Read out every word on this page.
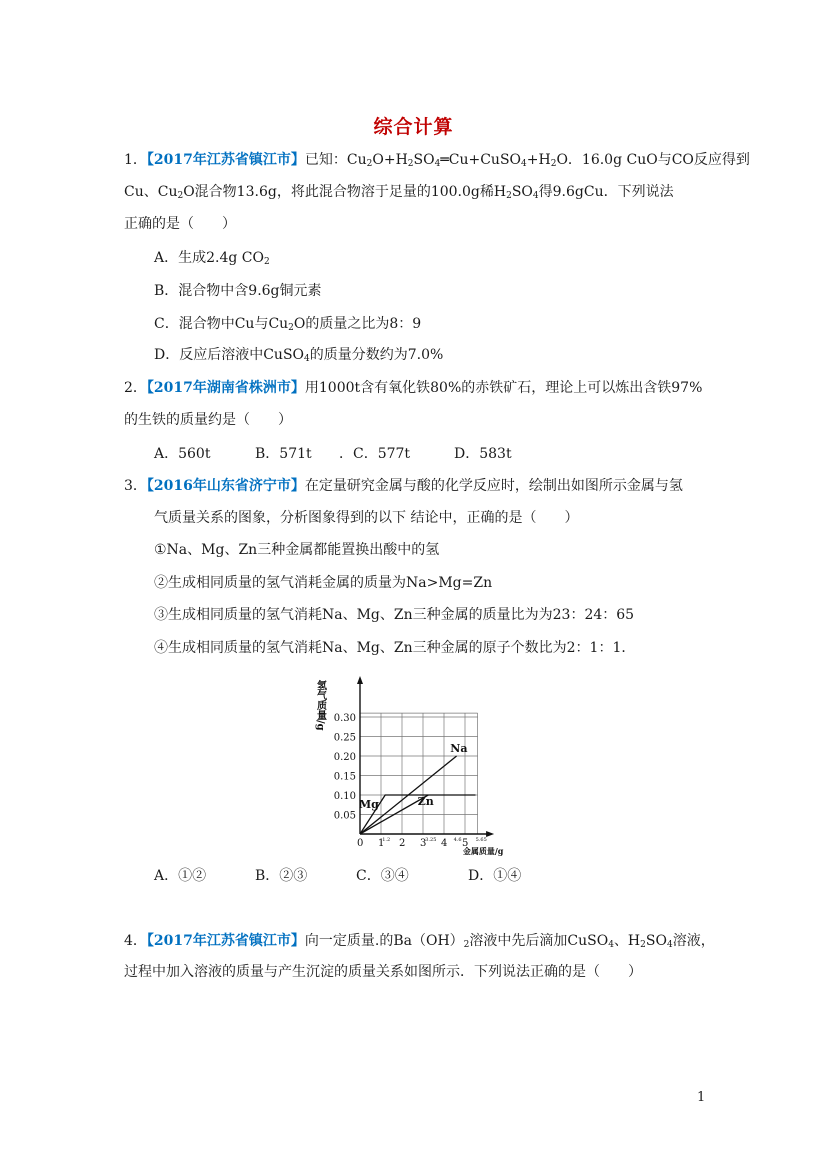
综合计算
1．【2017年江苏省镇江市】已知：$Cu_2O+H_2SO_4═Cu+CuSO_4+H_2O$．16.0g CuO与CO反应得到
Cu、$Cu_2O$混合物13.6g，将此混合物溶于足量的100.0g稀$H_2SO_4$得9.6gCu．下列说法
正确的是（　　）
A．生成2.4g $CO_2$
B．混合物中含9.6g铜元素
C．混合物中Cu与$Cu_2O$的质量之比为8：9
D．反应后溶液中CuSO$_4$的质量分数约为7.0%
2．【2017年湖南省株洲市】用1000t含有氧化铁80%的赤铁矿石，理论上可以炼出含铁97%
的生铁的质量约是（　　）
A．560t	B．571t ．C．577t	D．583t
3．【2016年山东省济宁市】在定量研究金属与酸的化学反应时，绘制出如图所示金属与氢
气质量关系的图象，分析图象得到的以下 结论中，正确的是（　　）
①Na、Mg、Zn三种金属都能置换出酸中的氢
②生成相同质量的氢气消耗金属的质量为Na>Mg=Zn
③生成相同质量的氢气消耗Na、Mg、Zn三种金属的质量比为为23：24：65
④生成相同质量的氢气消耗Na、Mg、Zn三种金属的原子个数比为2：1：1．
0.05
0.10
0.15
0.20
0.25
0.30
0 1 2 3 4 5
1.2	3.25	4.6	5.65
Na
Mg	Zn
氢气质量/g
金属质量/g
A．①②	B．②③	C．③④	D．①④
4．【2017年江苏省镇江市】向一定质量.的$Ba(OH)_2$溶液中先后滴加CuSO$_4$、$H_2SO_4$溶液，
过程中加入溶液的质量与产生沉淀的质量关系如图所示．下列说法正确的是（　　）
1
